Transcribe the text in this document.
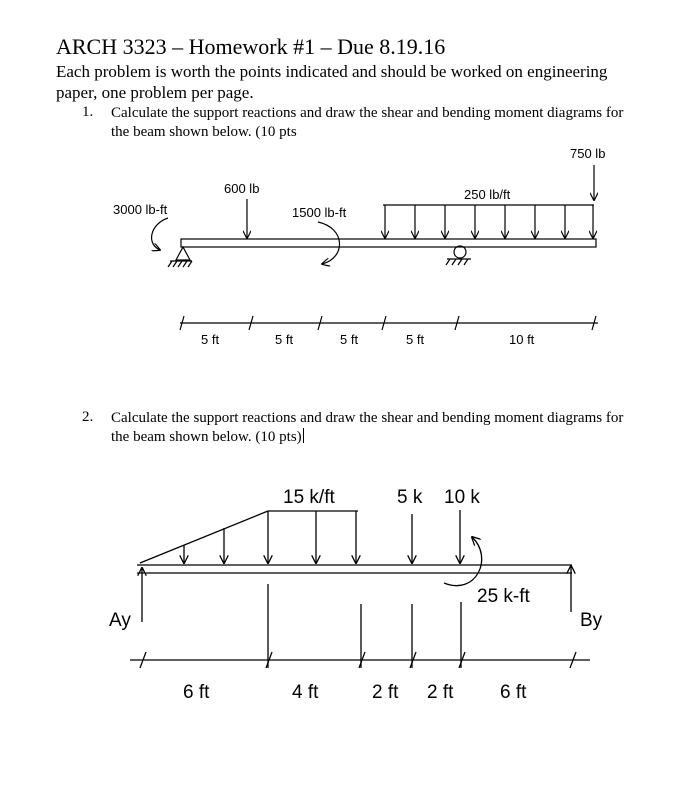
ARCH 3323 – Homework #1 – Due 8.19.16
Each problem is worth the points indicated and should be worked on engineering paper, one problem per page.
1. Calculate the support reactions and draw the shear and bending moment diagrams for the beam shown below. (10 pts
2. Calculate the support reactions and draw the shear and bending moment diagrams for the beam shown below. (10 pts)
3000 lb-ft
600 lb
1500 lb-ft
250 lb/ft
750 lb
5 ft	5 ft	5 ft	5 ft	10 ft
15 k/ft	5 k 10 k
25 k-ft
Ay	By
6 ft	4 ft	2 ft 2 ft 6 ft
